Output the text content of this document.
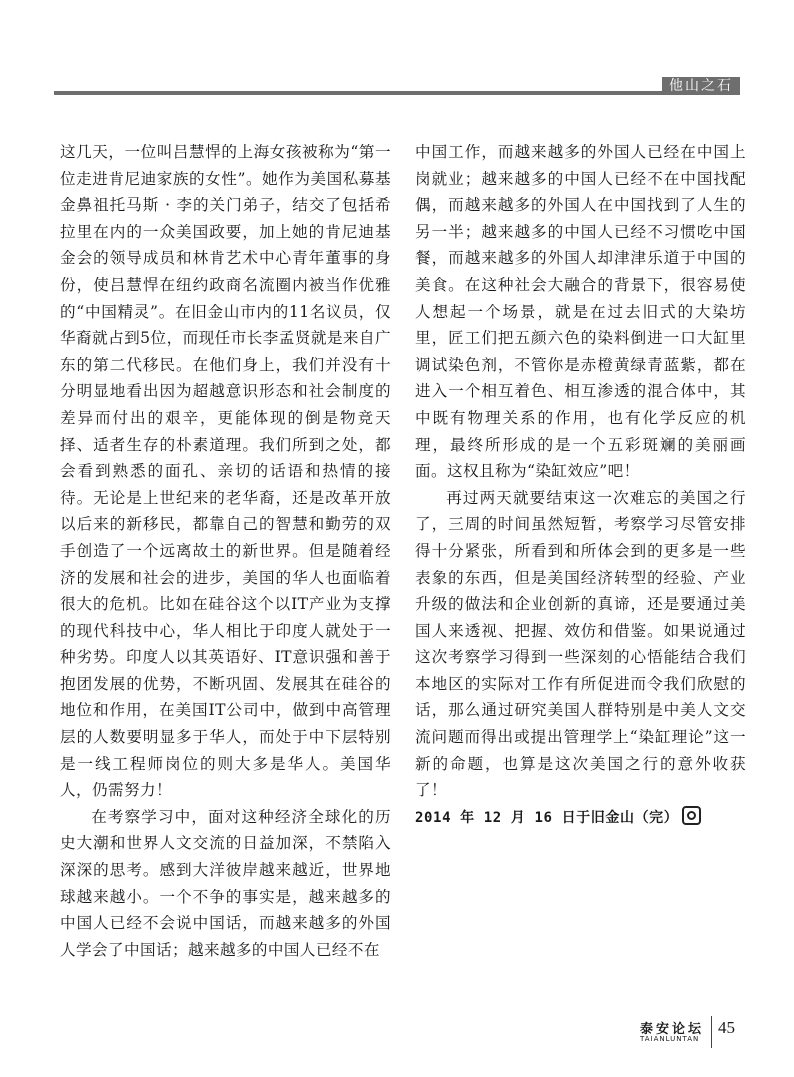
他山之石

这几天，一位叫吕慧悍的上海女孩被称为“第一位走进肯尼迪家族的女性”。她作为美国私募基金鼻祖托马斯 · 李的关门弟子，结交了包括希拉里在内的一众美国政要，加上她的肯尼迪基金会的领导成员和林肯艺术中心青年董事的身份，使吕慧悍在纽约政商名流圈内被当作优雅的“中国精灵”。在旧金山市内的11名议员，仅华裔就占到5位，而现任市长李孟贤就是来自广东的第二代移民。在他们身上，我们并没有十分明显地看出因为超越意识形态和社会制度的差异而付出的艰辛，更能体现的倒是物竞天择、适者生存的朴素道理。我们所到之处，都会看到熟悉的面孔、亲切的话语和热情的接待。无论是上世纪来的老华裔，还是改革开放以后来的新移民，都靠自己的智慧和勤劳的双手创造了一个远离故土的新世界。但是随着经济的发展和社会的进步，美国的华人也面临着很大的危机。比如在硅谷这个以IT产业为支撑的现代科技中心，华人相比于印度人就处于一种劣势。印度人以其英语好、IT意识强和善于抱团发展的优势，不断巩固、发展其在硅谷的地位和作用，在美国IT公司中，做到中高管理层的人数要明显多于华人，而处于中下层特别是一线工程师岗位的则大多是华人。美国华人，仍需努力！

在考察学习中，面对这种经济全球化的历史大潮和世界人文交流的日益加深，不禁陷入深深的思考。感到大洋彼岸越来越近，世界地球越来越小。一个不争的事实是，越来越多的中国人已经不会说中国话，而越来越多的外国人学会了中国话；越来越多的中国人已经不在

中国工作，而越来越多的外国人已经在中国上岗就业；越来越多的中国人已经不在中国找配偶，而越来越多的外国人在中国找到了人生的另一半；越来越多的中国人已经不习惯吃中国餐，而越来越多的外国人却津津乐道于中国的美食。在这种社会大融合的背景下，很容易使人想起一个场景，就是在过去旧式的大染坊里，匠工们把五颜六色的染料倒进一口大缸里调试染色剂，不管你是赤橙黄绿青蓝紫，都在进入一个相互着色、相互渗透的混合体中，其中既有物理关系的作用，也有化学反应的机理，最终所形成的是一个五彩斑斓的美丽画面。这权且称为“染缸效应”吧！

再过两天就要结束这一次难忘的美国之行了，三周的时间虽然短暂，考察学习尽管安排得十分紧张，所看到和所体会到的更多是一些表象的东西，但是美国经济转型的经验、产业升级的做法和企业创新的真谛，还是要通过美国人来透视、把握、效仿和借鉴。如果说通过这次考察学习得到一些深刻的心悟能结合我们本地区的实际对工作有所促进而令我们欣慰的话，那么通过研究美国人群特别是中美人文交流问题而得出或提出管理学上“染缸理论”这一新的命题，也算是这次美国之行的意外收获了！

2014 年 12 月 16 日于旧金山（完）
泰安论坛
TAIANLUNTAN
45
